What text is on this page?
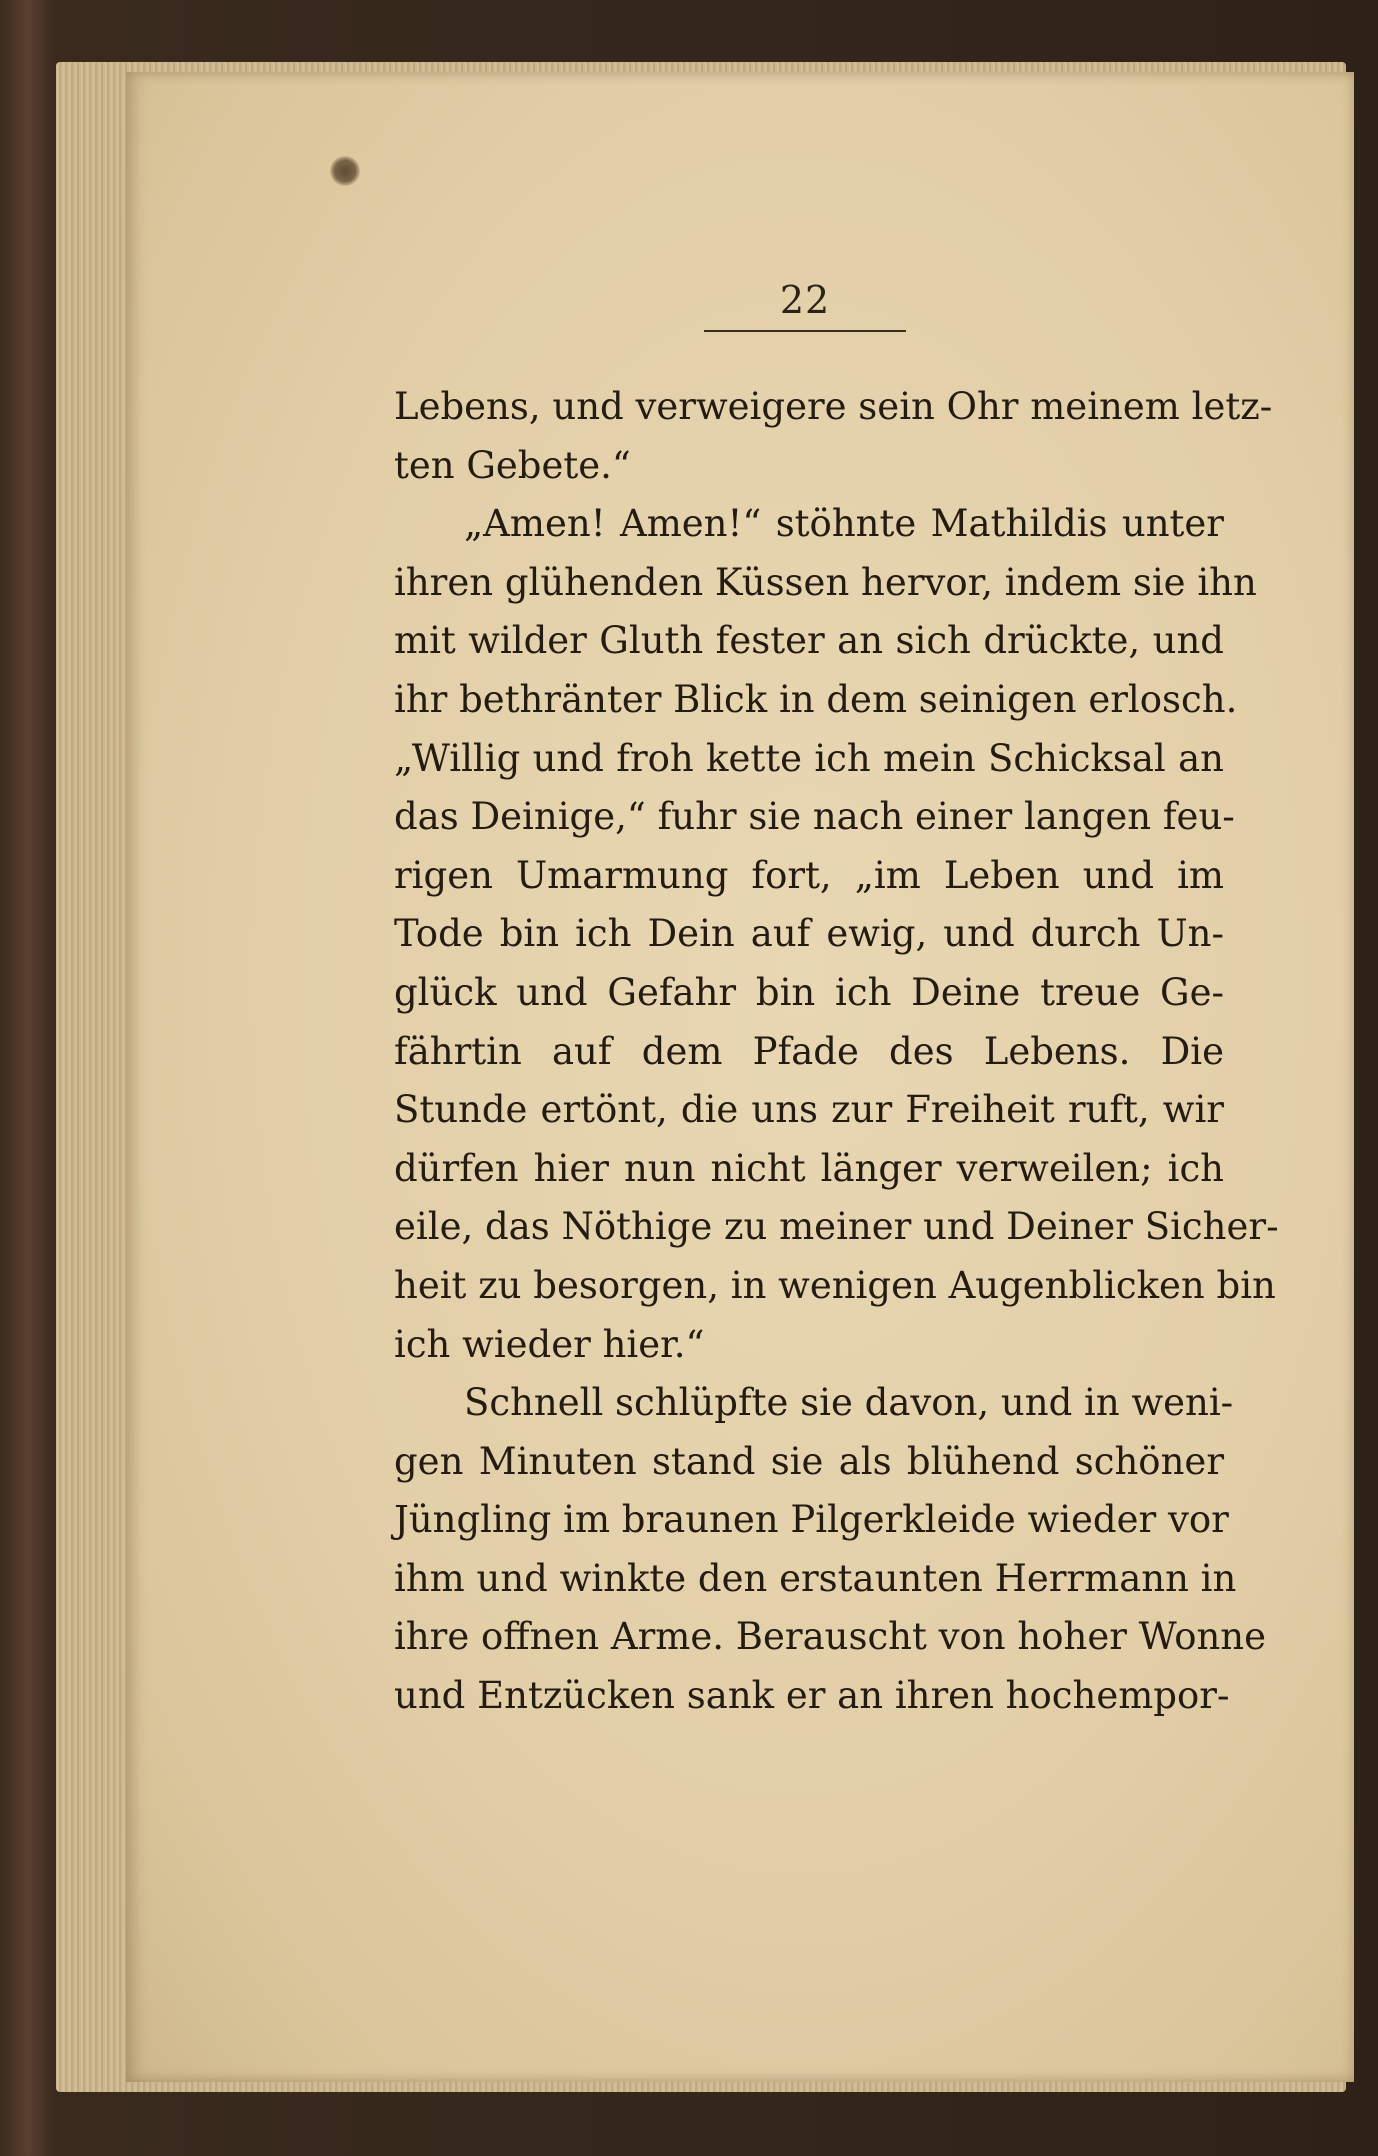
22
Lebens, und verweigere sein Ohr meinem letz-
ten Gebete.“
„Amen! Amen!“ stöhnte Mathildis unter
ihren glühenden Küssen hervor, indem sie ihn
mit wilder Gluth fester an sich drückte, und
ihr bethränter Blick in dem seinigen erlosch.
„Willig und froh kette ich mein Schicksal an
das Deinige,“ fuhr sie nach einer langen feu-
rigen Umarmung fort, „im Leben und im
Tode bin ich Dein auf ewig, und durch Un-
glück und Gefahr bin ich Deine treue Ge-
fährtin auf dem Pfade des Lebens. Die
Stunde ertönt, die uns zur Freiheit ruft, wir
dürfen hier nun nicht länger verweilen; ich
eile, das Nöthige zu meiner und Deiner Sicher-
heit zu besorgen, in wenigen Augenblicken bin
ich wieder hier.“
Schnell schlüpfte sie davon, und in weni-
gen Minuten stand sie als blühend schöner
Jüngling im braunen Pilgerkleide wieder vor
ihm und winkte den erstaunten Herrmann in
ihre offnen Arme. Berauscht von hoher Wonne
und Entzücken sank er an ihren hochempor-
